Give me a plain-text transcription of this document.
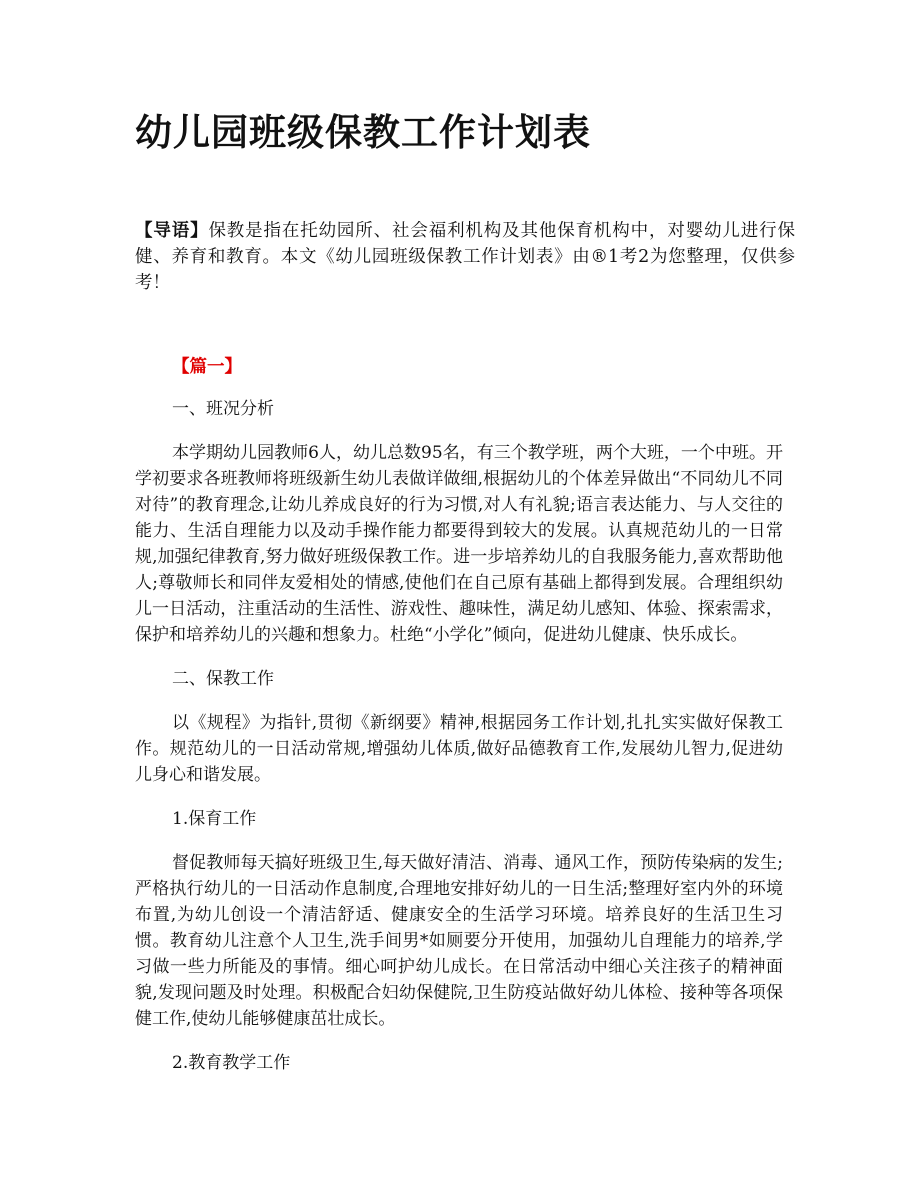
幼儿园班级保教工作计划表

【导语】保教是指在托幼园所、社会福利机构及其他保育机构中，对婴幼儿进行保健、养育和教育。本文《幼儿园班级保教工作计划表》由®1考2为您整理，仅供参考！

【篇一】

一、班况分析

本学期幼儿园教师6人，幼儿总数95名，有三个教学班，两个大班，一个中班。开学初要求各班教师将班级新生幼儿表做详做细,根据幼儿的个体差异做出“不同幼儿不同对待”的教育理念,让幼儿养成良好的行为习惯,对人有礼貌;语言表达能力、与人交往的能力、生活自理能力以及动手操作能力都要得到较大的发展。认真规范幼儿的一日常规,加强纪律教育,努力做好班级保教工作。进一步培养幼儿的自我服务能力,喜欢帮助他人;尊敬师长和同伴友爱相处的情感,使他们在自己原有基础上都得到发展。合理组织幼儿一日活动，注重活动的生活性、游戏性、趣味性，满足幼儿感知、体验、探索需求，保护和培养幼儿的兴趣和想象力。杜绝“小学化”倾向，促进幼儿健康、快乐成长。

二、保教工作

以《规程》为指针,贯彻《新纲要》精神,根据园务工作计划,扎扎实实做好保教工作。规范幼儿的一日活动常规,增强幼儿体质,做好品德教育工作,发展幼儿智力,促进幼儿身心和谐发展。

1.保育工作

督促教师每天搞好班级卫生,每天做好清洁、消毒、通风工作，预防传染病的发生;严格执行幼儿的一日活动作息制度,合理地安排好幼儿的一日生活;整理好室内外的环境布置,为幼儿创设一个清洁舒适、健康安全的生活学习环境。培养良好的生活卫生习惯。教育幼儿注意个人卫生,洗手间男*如厕要分开使用，加强幼儿自理能力的培养,学习做一些力所能及的事情。细心呵护幼儿成长。在日常活动中细心关注孩子的精神面貌,发现问题及时处理。积极配合妇幼保健院,卫生防疫站做好幼儿体检、接种等各项保健工作,使幼儿能够健康茁壮成长。

2.教育教学工作
